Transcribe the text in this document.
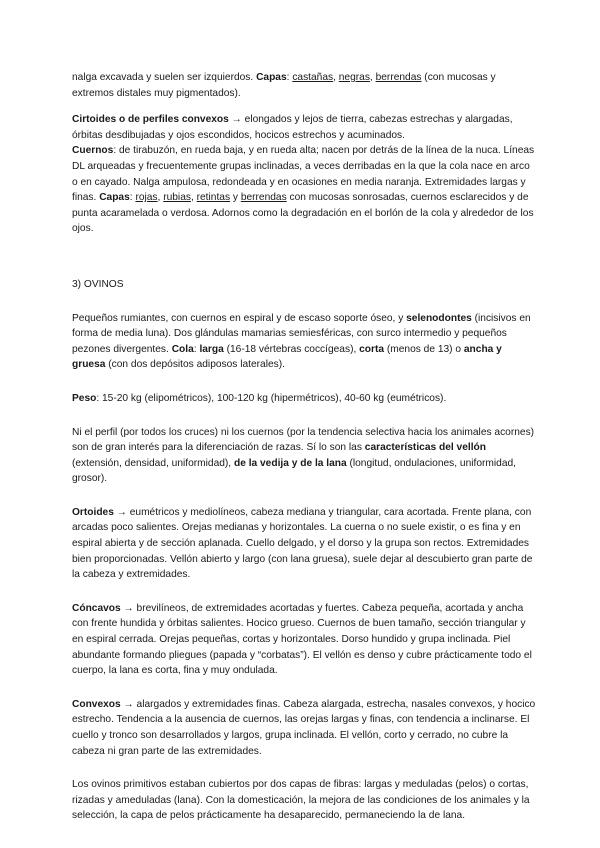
nalga excavada y suelen ser izquierdos. Capas: castañas, negras, berrendas (con mucosas y extremos distales muy pigmentados).

Cirtoides o de perfiles convexos → elongados y lejos de tierra, cabezas estrechas y alargadas, órbitas desdibujadas y ojos escondidos, hocicos estrechos y acuminados.
Cuernos: de tirabuzón, en rueda baja, y en rueda alta; nacen por detrás de la línea de la nuca. Líneas DL arqueadas y frecuentemente grupas inclinadas, a veces derribadas en la que la cola nace en arco o en cayado. Nalga ampulosa, redondeada y en ocasiones en media naranja. Extremidades largas y finas. Capas: rojas, rubias, retintas y berrendas con mucosas sonrosadas, cuernos esclarecidos y de punta acaramelada o verdosa. Adornos como la degradación en el borlón de la cola y alrededor de los ojos.

3) OVINOS

Pequeños rumiantes, con cuernos en espiral y de escaso soporte óseo, y selenodontes (incisivos en forma de media luna). Dos glándulas mamarias semiesféricas, con surco intermedio y pequeños pezones divergentes. Cola: larga (16-18 vértebras coccígeas), corta (menos de 13) o ancha y gruesa (con dos depósitos adiposos laterales).

Peso: 15-20 kg (elipométricos), 100-120 kg (hipermétricos), 40-60 kg (eumétricos).

Ni el perfil (por todos los cruces) ni los cuernos (por la tendencia selectiva hacia los animales acornes) son de gran interés para la diferenciación de razas. Sí lo son las características del vellón (extensión, densidad, uniformidad), de la vedija y de la lana (longitud, ondulaciones, uniformidad, grosor).

Ortoides → eumétricos y mediolíneos, cabeza mediana y triangular, cara acortada. Frente plana, con arcadas poco salientes. Orejas medianas y horizontales. La cuerna o no suele existir, o es fina y en espiral abierta y de sección aplanada. Cuello delgado, y el dorso y la grupa son rectos. Extremidades bien proporcionadas. Vellón abierto y largo (con lana gruesa), suele dejar al descubierto gran parte de la cabeza y extremidades.

Cóncavos → brevilíneos, de extremidades acortadas y fuertes. Cabeza pequeña, acortada y ancha con frente hundida y órbitas salientes. Hocico grueso. Cuernos de buen tamaño, sección triangular y en espiral cerrada. Orejas pequeñas, cortas y horizontales. Dorso hundido y grupa inclinada. Piel abundante formando pliegues (papada y “corbatas”). El vellón es denso y cubre prácticamente todo el cuerpo, la lana es corta, fina y muy ondulada.

Convexos → alargados y extremidades finas. Cabeza alargada, estrecha, nasales convexos, y hocico estrecho. Tendencia a la ausencia de cuernos, las orejas largas y finas, con tendencia a inclinarse. El cuello y tronco son desarrollados y largos, grupa inclinada. El vellón, corto y cerrado, no cubre la cabeza ni gran parte de las extremidades.

Los ovinos primitivos estaban cubiertos por dos capas de fibras: largas y meduladas (pelos) o cortas, rizadas y ameduladas (lana). Con la domesticación, la mejora de las condiciones de los animales y la selección, la capa de pelos prácticamente ha desaparecido, permaneciendo la de lana.
